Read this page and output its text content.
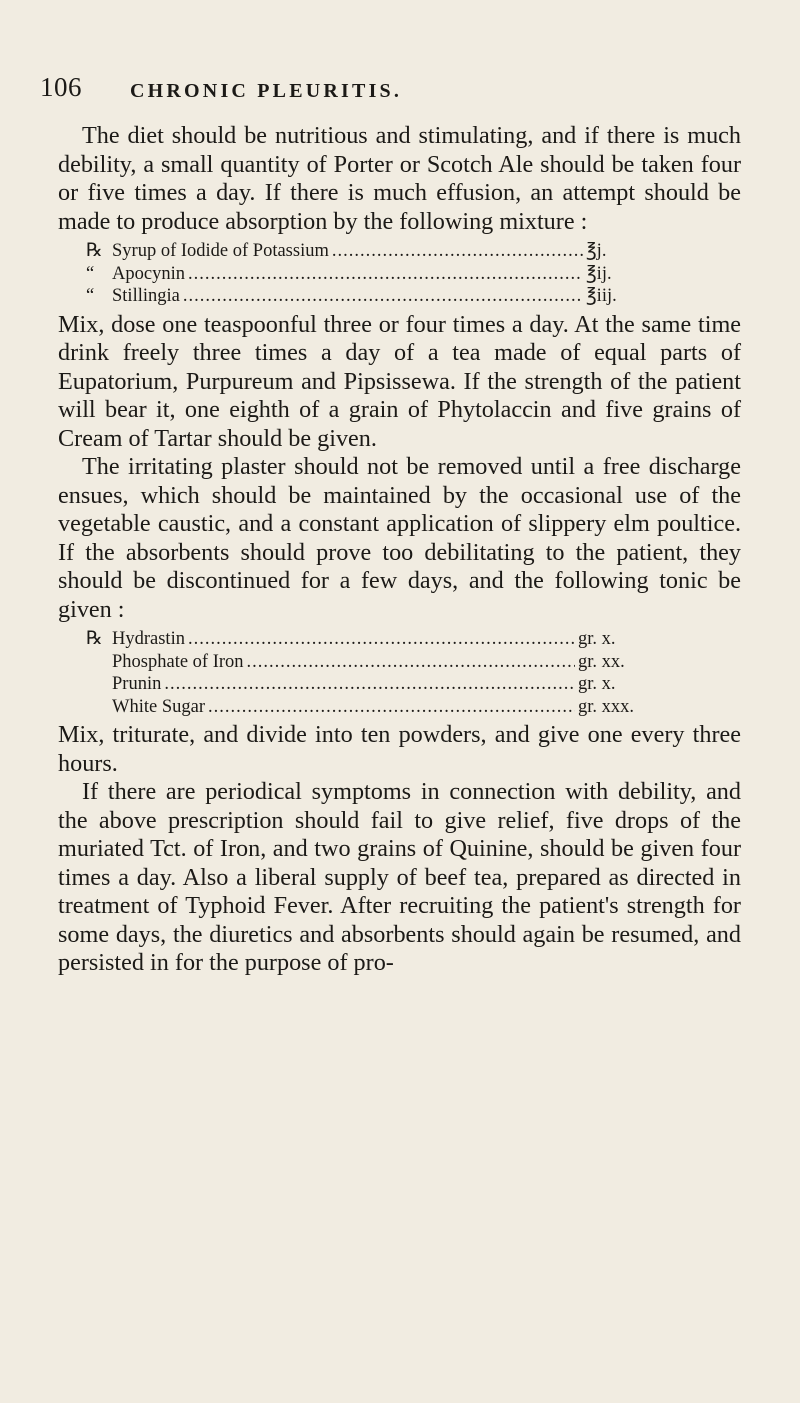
106 CHRONIC PLEURITIS.

The diet should be nutritious and stimulating, and if there is much debility, a small quantity of Porter or Scotch Ale should be taken four or five times a day. If there is much effusion, an attempt should be made to produce absorption by the following mixture :

℞ Syrup of Iodide of Potassium .....	℥j.
“ Apocynin .....	℥ij.
“ Stillingia .....	℥iij.

Mix, dose one teaspoonful three or four times a day. At the same time drink freely three times a day of a tea made of equal parts of Eupatorium, Purpureum and Pipsissewa. If the strength of the patient will bear it, one eighth of a grain of Phytolaccin and five grains of Cream of Tartar should be given.

The irritating plaster should not be removed until a free discharge ensues, which should be maintained by the occasional use of the vegetable caustic, and a constant application of slippery elm poultice. If the absorbents should prove too debilitating to the patient, they should be discontinued for a few days, and the following tonic be given :

℞ Hydrastin .....	gr. x.
Phosphate of Iron .....	gr. xx.
Prunin .....	gr. x.
White Sugar .....	gr. xxx.

Mix, triturate, and divide into ten powders, and give one every three hours.

If there are periodical symptoms in connection with debility, and the above prescription should fail to give relief, five drops of the muriated Tct. of Iron, and two grains of Quinine, should be given four times a day. Also a liberal supply of beef tea, prepared as directed in treatment of Typhoid Fever. After recruiting the patient's strength for some days, the diuretics and absorbents should again be resumed, and persisted in for the purpose of pro-
